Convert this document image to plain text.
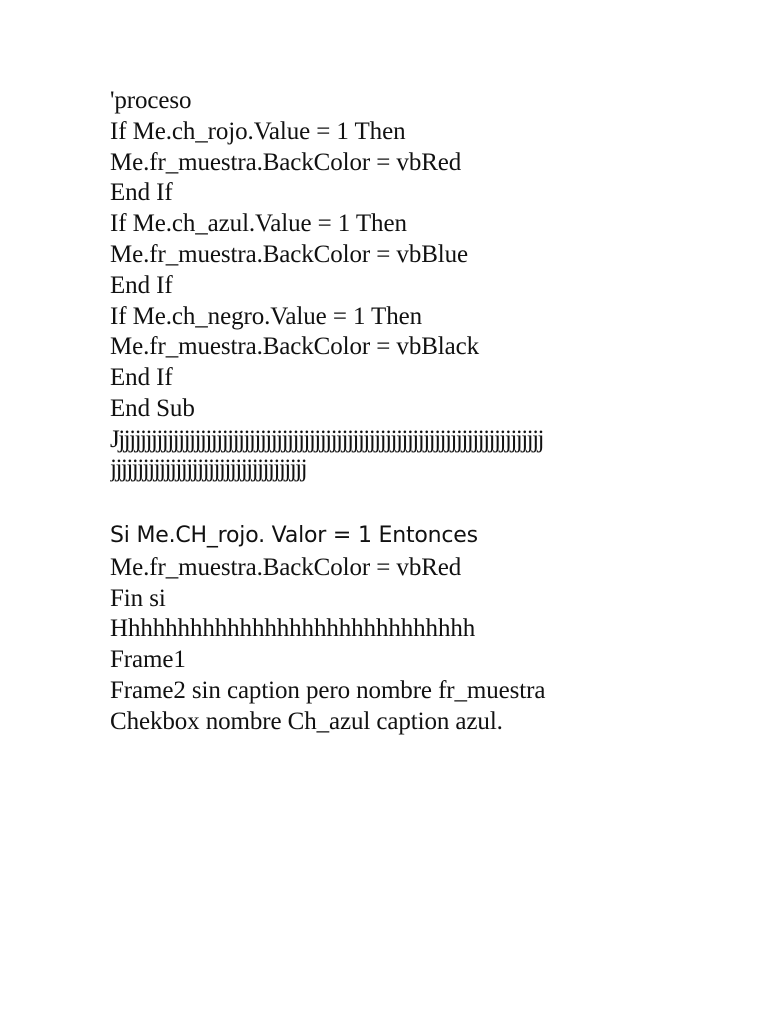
'proceso
If Me.ch_rojo.Value = 1 Then
Me.fr_muestra.BackColor = vbRed
End If
If Me.ch_azul.Value = 1 Then
Me.fr_muestra.BackColor = vbBlue
End If
If Me.ch_negro.Value = 1 Then
Me.fr_muestra.BackColor = vbBlack
End If
End Sub
Jjjjjjjjjjjjjjjjjjjjjjjjjjjjjjjjjjjjjjjjjjjjjjjjjjjjjjjjjjjjjjjjjjjjjjjjjjjjjjj
jjjjjjjjjjjjjjjjjjjjjjjjjjjjjjjjjjjj
Si Me.CH_rojo. Valor = 1 Entonces
Me.fr_muestra.BackColor = vbRed
Fin si
Hhhhhhhhhhhhhhhhhhhhhhhhhhhhh
Frame1
Frame2 sin caption pero nombre fr_muestra
Chekbox nombre Ch_azul caption azul.
